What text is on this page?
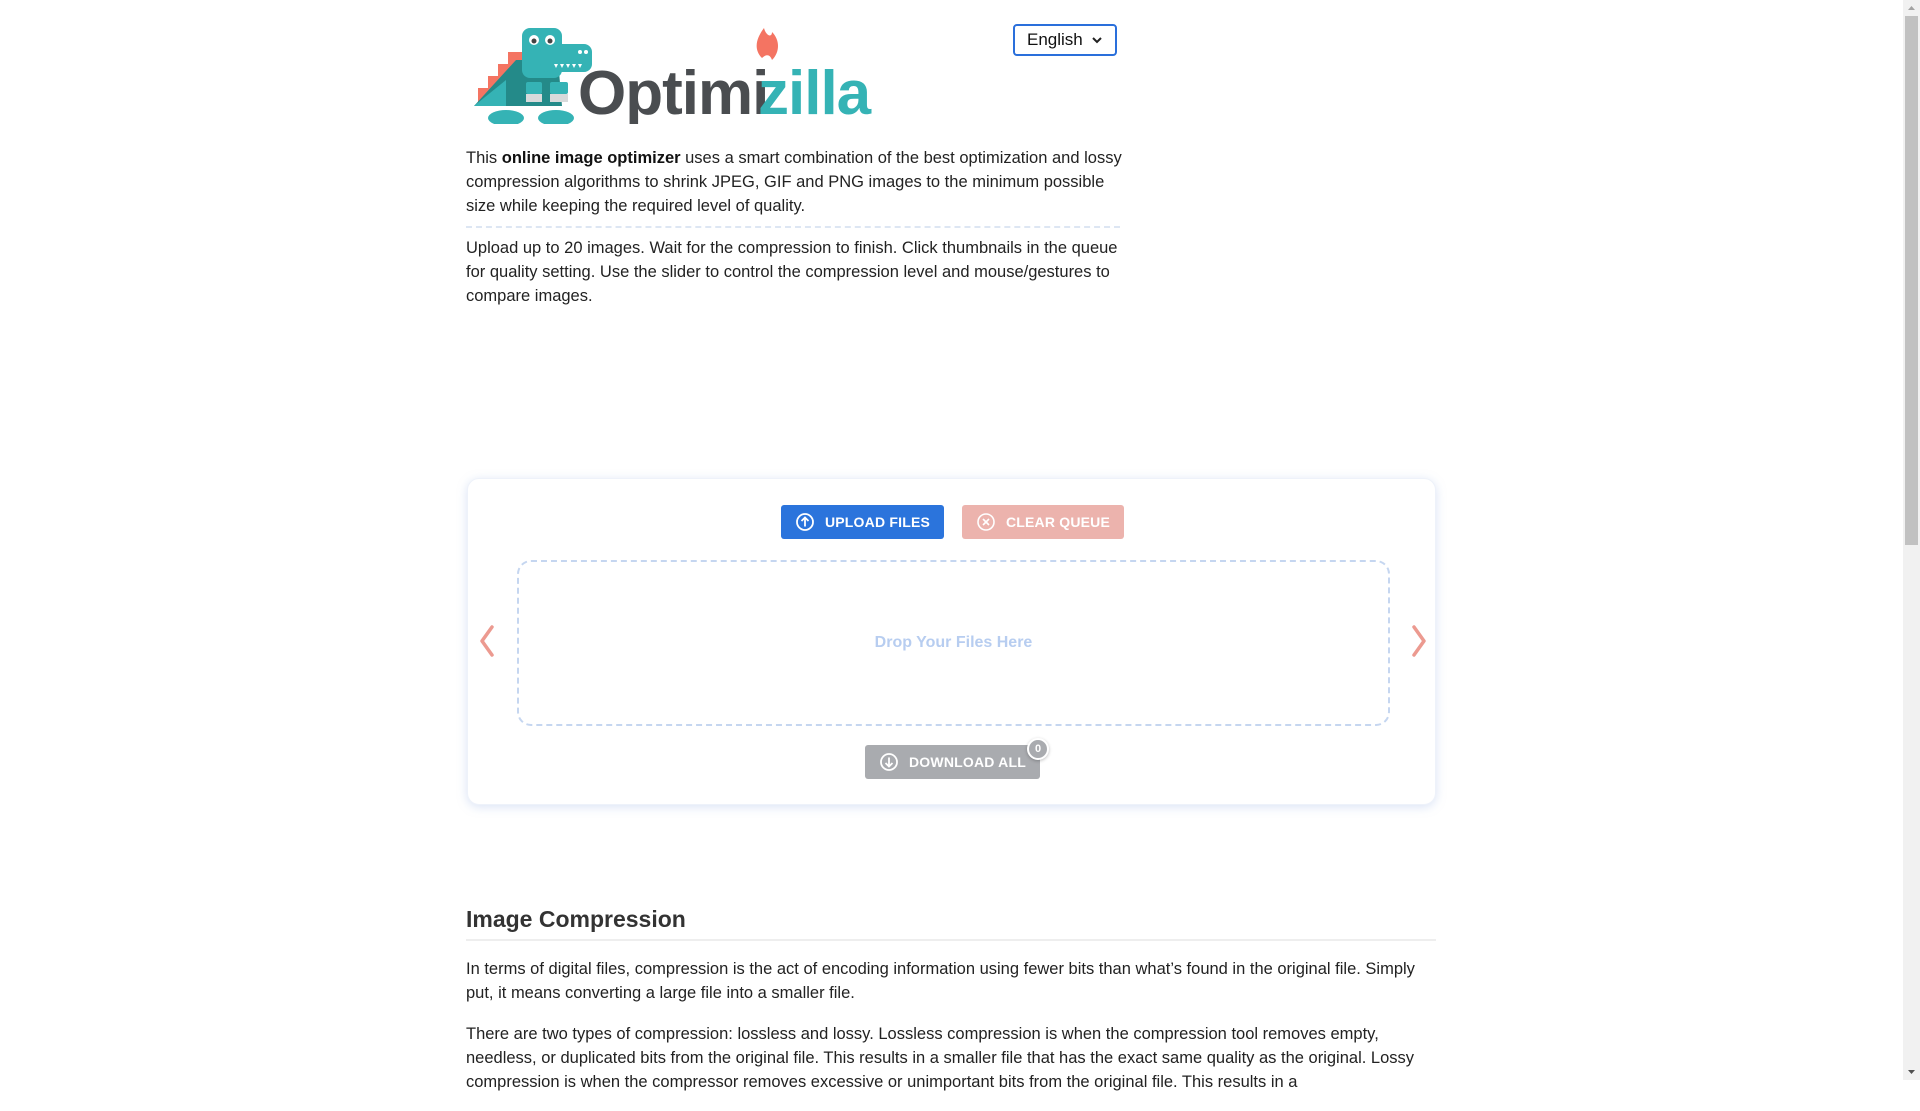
Optimi
zilla
English

This online image optimizer uses a smart combination of the best optimization and lossy compression algorithms to shrink JPEG, GIF and PNG images to the minimum possible size while keeping the required level of quality.

Upload up to 20 images. Wait for the compression to finish. Click thumbnails in the queue for quality setting. Use the slider to control the compression level and mouse/gestures to compare images.
UPLOAD FILES	CLEAR QUEUE
Drop Your Files Here
DOWNLOAD ALL
0
Image Compression

In terms of digital files, compression is the act of encoding information using fewer bits than what’s found in the original file. Simply put, it means converting a large file into a smaller file.

There are two types of compression: lossless and lossy. Lossless compression is when the compression tool removes empty, needless, or duplicated bits from the original file. This results in a smaller file that has the exact same quality as the original. Lossy compression is when the compressor removes excessive or unimportant bits from the original file. This results in a
